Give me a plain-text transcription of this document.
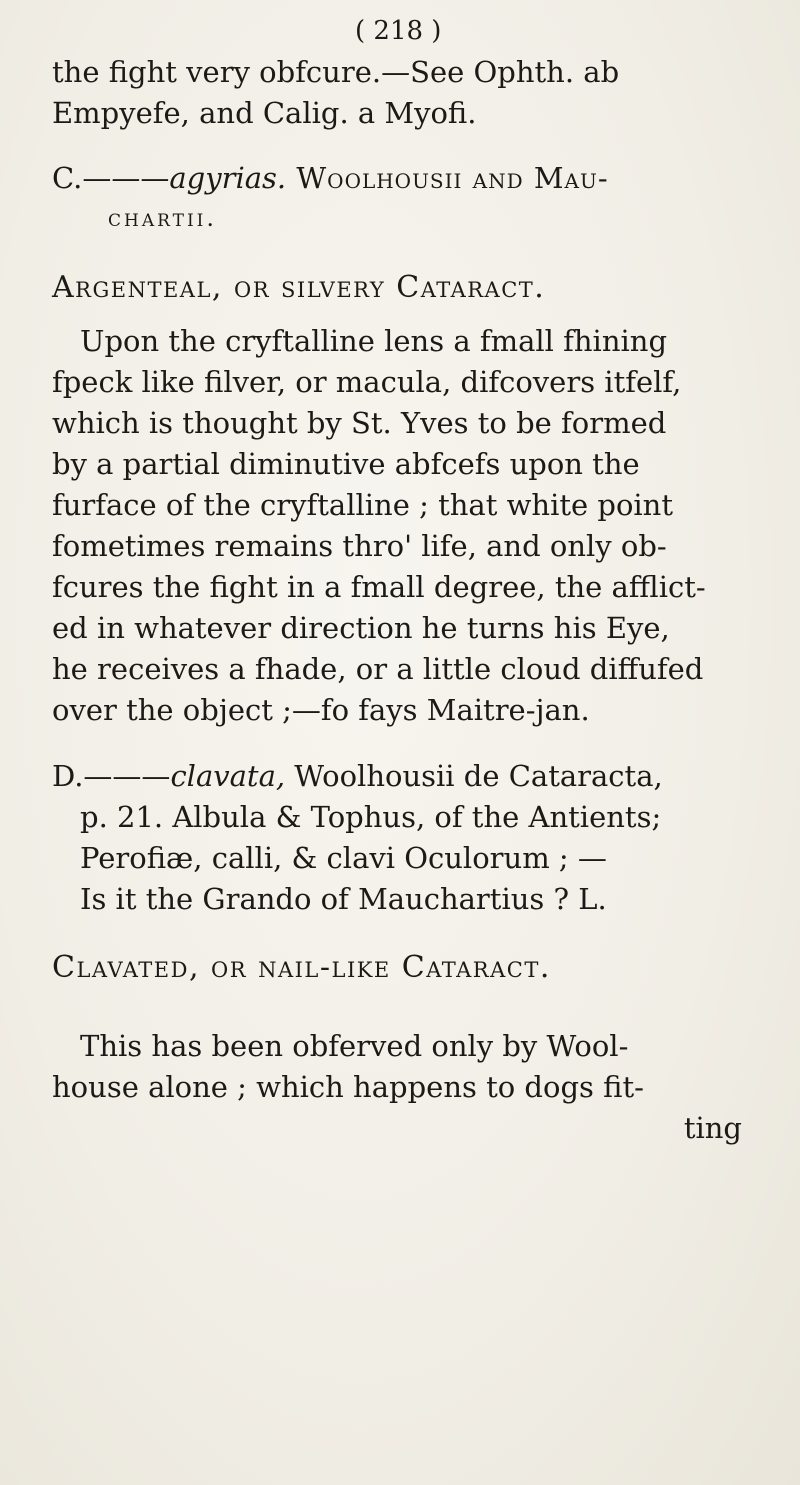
( 218 )
the fight very obfcure.—See Ophth. ab
Empyefe, and Calig. a Myofi.
C.———agyrias. Woolhousii and Mau-
chartii.
Argenteal, or silvery Cataract.
Upon the cryftalline lens a fmall fhining
fpeck like filver, or macula, difcovers itfelf,
which is thought by St. Yves to be formed
by a partial diminutive abfcefs upon the
furface of the cryftalline ; that white point
fometimes remains thro' life, and only ob-
fcures the fight in a fmall degree, the afflict-
ed in whatever direction he turns his Eye,
he receives a fhade, or a little cloud diffufed
over the object ;—fo fays Maitre-jan.
D.———clavata, Woolhousii de Cataracta,
p. 21. Albula & Tophus, of the Antients;
Perofiæ, calli, & clavi Oculorum ; —
Is it the Grando of Mauchartius ? L.
Clavated, or nail-like Cataract.
This has been obferved only by Wool-
house alone ; which happens to dogs fit-
ting
